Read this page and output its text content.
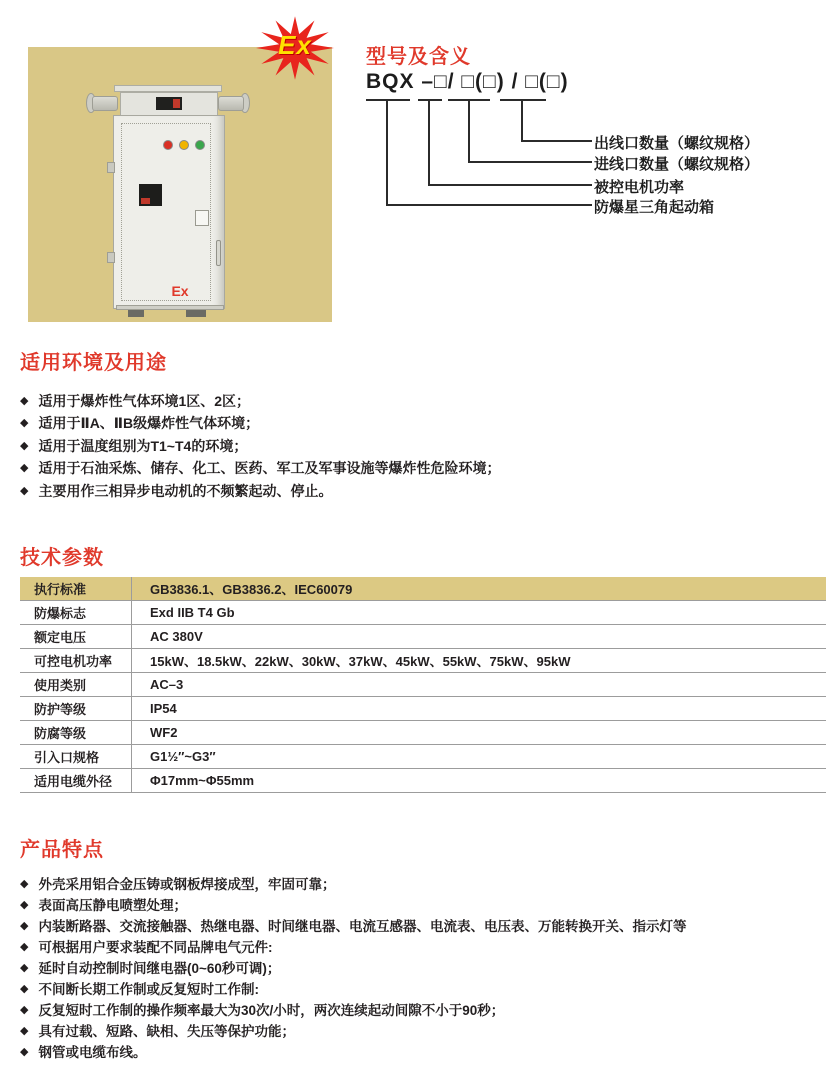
Ex
Ex
型号及含义
BQX –□/ □(□) / □(□)
出线口数量（螺纹规格）
进线口数量（螺纹规格）
被控电机功率
防爆星三角起动箱
适用环境及用途
◆ 适用于爆炸性气体环境1区、2区；
◆ 适用于ⅡA、ⅡB级爆炸性气体环境；
◆ 适用于温度组别为T1~T4的环境；
◆ 适用于石油采炼、储存、化工、医药、军工及军事设施等爆炸性危险环境；
◆ 主要用作三相异步电动机的不频繁起动、停止。
技术参数
执行标准	GB3836.1、GB3836.2、IEC60079
防爆标志	Exd IIB T4 Gb
额定电压	AC 380V
可控电机功率	15kW、18.5kW、22kW、30kW、37kW、45kW、55kW、75kW、95kW
使用类别	AC–3
防护等级	IP54
防腐等级	WF2
引入口规格	G1½″~G3″
适用电缆外径	Φ17mm~Φ55mm
产品特点
◆ 外壳采用铝合金压铸或钢板焊接成型，牢固可靠；
◆ 表面高压静电喷塑处理；
◆ 内装断路器、交流接触器、热继电器、时间继电器、电流互感器、电流表、电压表、万能转换开关、指示灯等
◆ 可根据用户要求装配不同品牌电气元件:
◆ 延时自动控制时间继电器(0~60秒可调)；
◆ 不间断长期工作制或反复短时工作制:
◆ 反复短时工作制的操作频率最大为30次/小时，两次连续起动间隙不小于90秒；
◆ 具有过载、短路、缺相、失压等保护功能；
◆ 钢管或电缆布线。
